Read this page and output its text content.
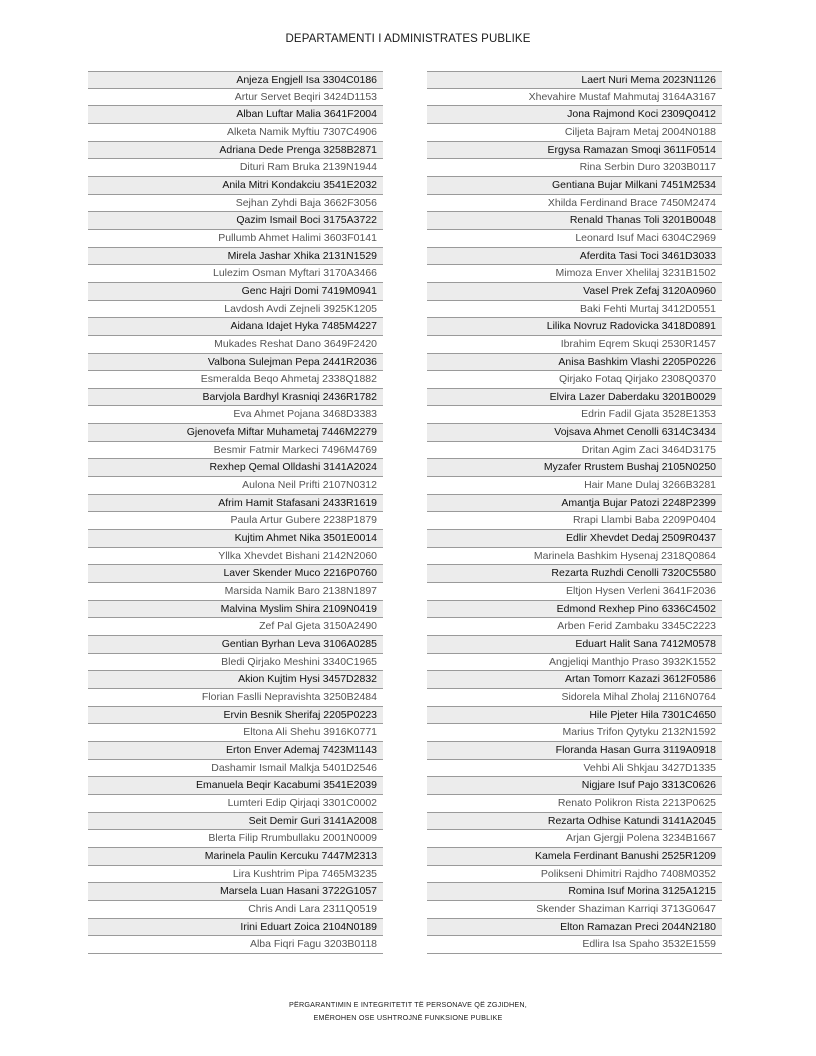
DEPARTAMENTI I ADMINISTRATES PUBLIKE
Anjeza Engjell Isa 3304C0186
Artur Servet Beqiri 3424D1153
Alban Luftar Malia 3641F2004
Alketa Namik Myftiu 7307C4906
Adriana Dede Prenga 3258B2871
Dituri Ram Bruka 2139N1944
Anila Mitri Kondakciu 3541E2032
Sejhan Zyhdi Baja 3662F3056
Qazim Ismail Boci 3175A3722
Pullumb Ahmet Halimi 3603F0141
Mirela Jashar Xhika 2131N1529
Lulezim Osman Myftari 3170A3466
Genc Hajri Domi 7419M0941
Lavdosh Avdi Zejneli 3925K1205
Aidana Idajet Hyka 7485M4227
Mukades Reshat Dano 3649F2420
Valbona Sulejman Pepa 2441R2036
Esmeralda Beqo Ahmetaj 2338Q1882
Barvjola Bardhyl Krasniqi 2436R1782
Eva Ahmet Pojana 3468D3383
Gjenovefa Miftar Muhametaj 7446M2279
Besmir Fatmir Markeci 7496M4769
Rexhep Qemal Olldashi 3141A2024
Aulona Neil Prifti 2107N0312
Afrim Hamit Stafasani 2433R1619
Paula Artur Gubere 2238P1879
Kujtim Ahmet Nika 3501E0014
Yllka Xhevdet Bishani 2142N2060
Laver Skender Muco 2216P0760
Marsida Namik Baro 2138N1897
Malvina Myslim Shira 2109N0419
Zef Pal Gjeta 3150A2490
Gentian Byrhan Leva 3106A0285
Bledi Qirjako Meshini 3340C1965
Akion Kujtim Hysi 3457D2832
Florian Faslli Nepravishta 3250B2484
Ervin Besnik Sherifaj 2205P0223
Eltona Ali Shehu 3916K0771
Erton Enver Ademaj 7423M1143
Dashamir Ismail Malkja 5401D2546
Emanuela Beqir Kacabumi 3541E2039
Lumteri Edip Qirjaqi 3301C0002
Seit Demir Guri 3141A2008
Blerta Filip Rrumbullaku 2001N0009
Marinela Paulin Kercuku 7447M2313
Lira Kushtrim Pipa 7465M3235
Marsela Luan Hasani 3722G1057
Chris Andi Lara 2311Q0519
Irini Eduart Zoica 2104N0189
Alba Fiqri Fagu 3203B0118
Laert Nuri Mema 2023N1126
Xhevahire Mustaf Mahmutaj 3164A3167
Jona Rajmond Koci 2309Q0412
Ciljeta Bajram Metaj 2004N0188
Ergysa Ramazan Smoqi 3611F0514
Rina Serbin Duro 3203B0117
Gentiana Bujar Milkani 7451M2534
Xhilda Ferdinand Brace 7450M2474
Renald Thanas Toli 3201B0048
Leonard Isuf Maci 6304C2969
Aferdita Tasi Toci 3461D3033
Mimoza Enver Xhelilaj 3231B1502
Vasel Prek Zefaj 3120A0960
Baki Fehti Murtaj 3412D0551
Lilika Novruz Radovicka 3418D0891
Ibrahim Eqrem Skuqi 2530R1457
Anisa Bashkim Vlashi 2205P0226
Qirjako Fotaq Qirjako 2308Q0370
Elvira Lazer Daberdaku 3201B0029
Edrin Fadil Gjata 3528E1353
Vojsava Ahmet Cenolli 6314C3434
Dritan Agim Zaci 3464D3175
Myzafer Rrustem Bushaj 2105N0250
Hair Mane Dulaj 3266B3281
Amantja Bujar Patozi 2248P2399
Rrapi Llambi Baba 2209P0404
Edlir Xhevdet Dedaj 2509R0437
Marinela Bashkim Hysenaj 2318Q0864
Rezarta Ruzhdi Cenolli 7320C5580
Eltjon Hysen Verleni 3641F2036
Edmond Rexhep Pino 6336C4502
Arben Ferid Zambaku 3345C2223
Eduart Halit Sana 7412M0578
Angjeliqi Manthjo Praso 3932K1552
Artan Tomorr Kazazi 3612F0586
Sidorela Mihal Zholaj 2116N0764
Hile Pjeter Hila 7301C4650
Marius Trifon Qytyku 2132N1592
Floranda Hasan Gurra 3119A0918
Vehbi Ali Shkjau 3427D1335
Nigjare Isuf Pajo 3313C0626
Renato Polikron Rista 2213P0625
Rezarta Odhise Katundi 3141A2045
Arjan Gjergji Polena 3234B1667
Kamela Ferdinant Banushi 2525R1209
Polikseni Dhimitri Rajdho 7408M0352
Romina Isuf Morina 3125A1215
Skender Shaziman Karriqi 3713G0647
Elton Ramazan Preci 2044N2180
Edlira Isa Spaho 3532E1559
PËRGARANTIMIN E INTEGRITETIT TË PERSONAVE QË ZGJIDHEN,
EMËROHEN OSE USHTROJNË FUNKSIONE PUBLIKE
